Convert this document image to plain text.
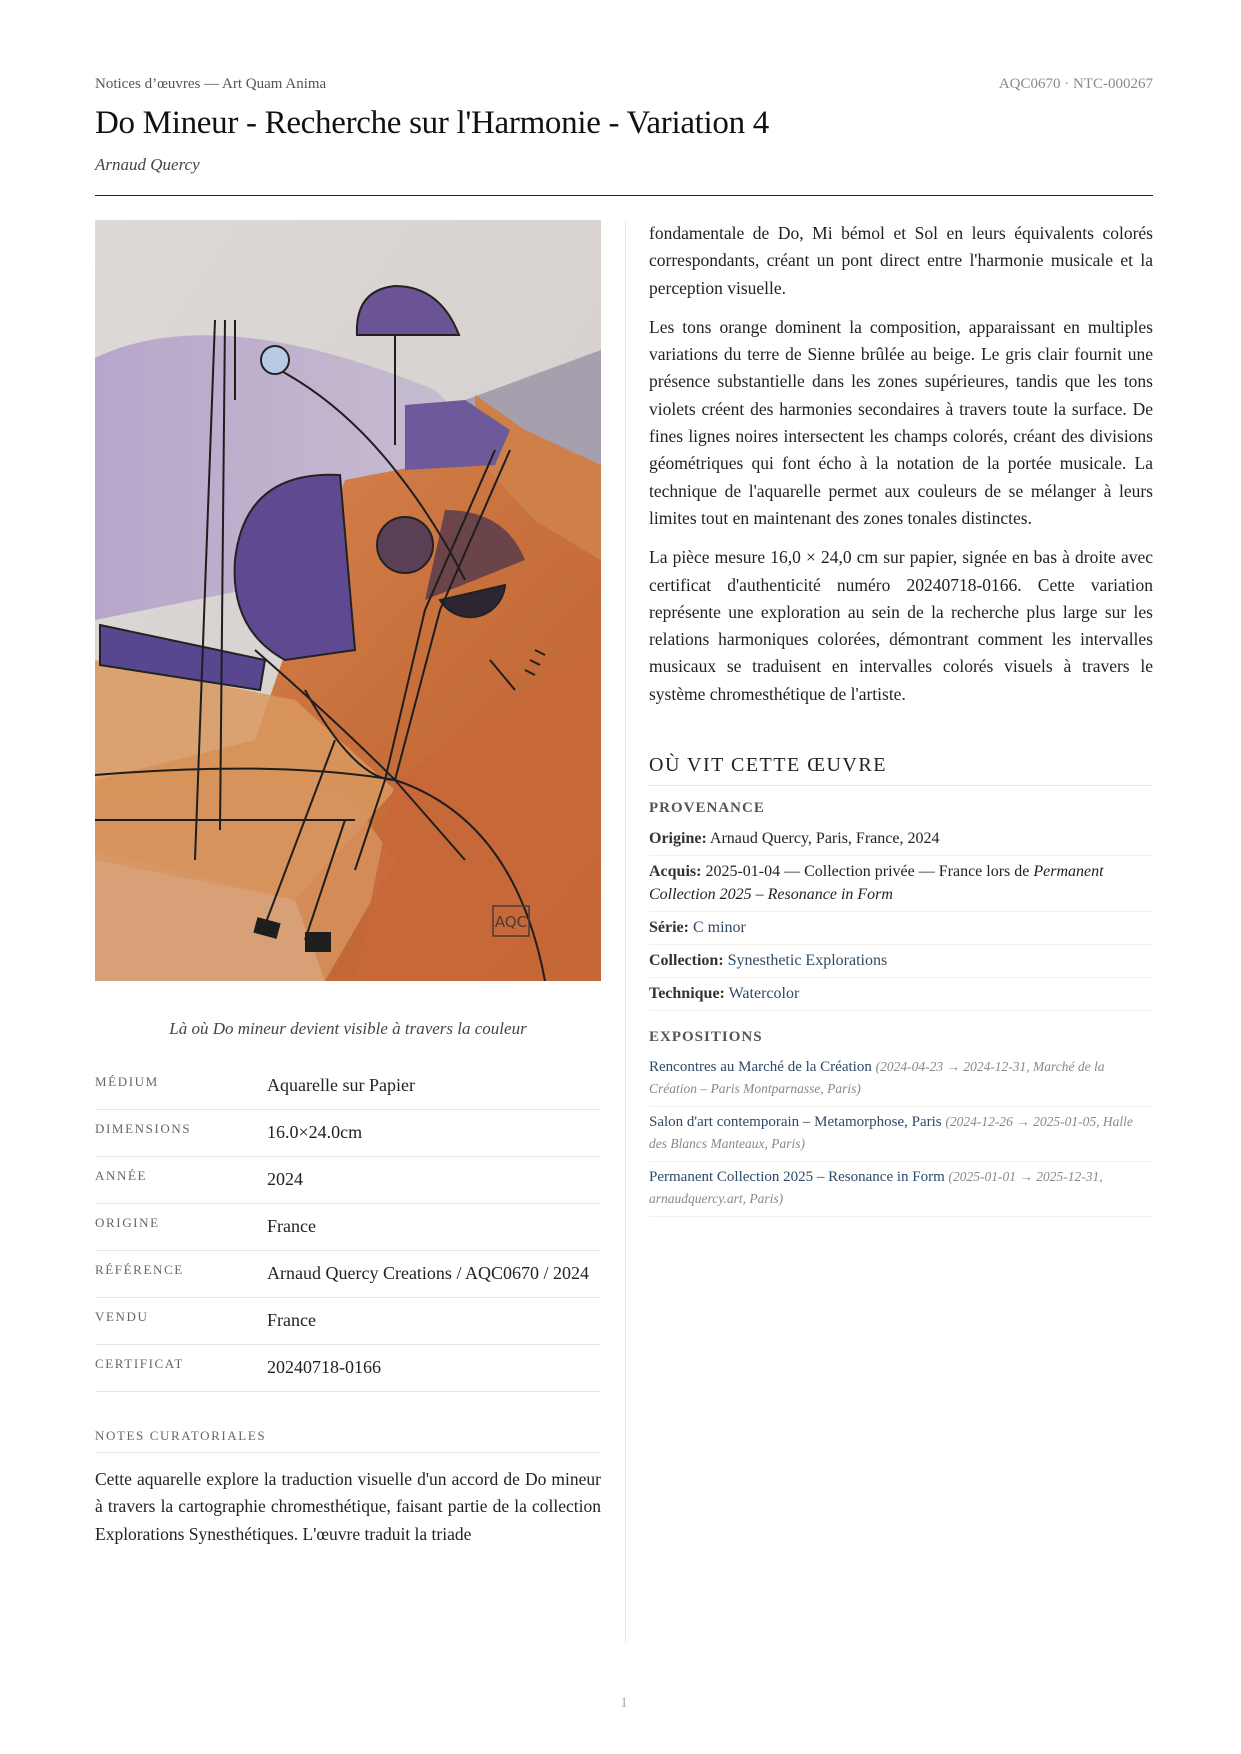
Notices d’œuvres — Art Quam Anima	AQC0670 · NTC-000267
Do Mineur - Recherche sur l'Harmonie - Variation 4
Arnaud Quercy
AQC
Là où Do mineur devient visible à travers la couleur
MÉDIUM	Aquarelle sur Papier
DIMENSIONS	16.0×24.0cm
ANNÉE	2024
ORIGINE	France
RÉFÉRENCE	Arnaud Quercy Creations / AQC0670 / 2024
VENDU	France
CERTIFICAT	20240718-0166
NOTES CURATORIALES

Cette aquarelle explore la traduction visuelle d'un accord de Do mineur à travers la cartographie chromesthétique, faisant partie de la collection Explorations Synesthétiques. L'œuvre traduit la triade

fondamentale de Do, Mi bémol et Sol en leurs équivalents colorés correspondants, créant un pont direct entre l'harmonie musicale et la perception visuelle.

Les tons orange dominent la composition, apparaissant en multiples variations du terre de Sienne brûlée au beige. Le gris clair fournit une présence substantielle dans les zones supérieures, tandis que les tons violets créent des harmonies secondaires à travers toute la surface. De fines lignes noires intersectent les champs colorés, créant des divisions géométriques qui font écho à la notation de la portée musicale. La technique de l'aquarelle permet aux couleurs de se mélanger à leurs limites tout en maintenant des zones tonales distinctes.

La pièce mesure 16,0 × 24,0 cm sur papier, signée en bas à droite avec certificat d'authenticité numéro 20240718-0166. Cette variation représente une exploration au sein de la recherche plus large sur les relations harmoniques colorées, démontrant comment les intervalles musicaux se traduisent en intervalles colorés visuels à travers le système chromesthétique de l'artiste.

OÙ VIT CETTE ŒUVRE
PROVENANCE
Origine: Arnaud Quercy, Paris, France, 2024
Acquis: 2025-01-04 — Collection privée — France lors de Permanent Collection 2025 – Resonance in Form
Série: C minor
Collection: Synesthetic Explorations
Technique: Watercolor
EXPOSITIONS
Rencontres au Marché de la Création (2024-04-23 → 2024-12-31, Marché de la Création – Paris Montparnasse, Paris)
Salon d'art contemporain – Metamorphose, Paris (2024-12-26 → 2025-01-05, Halle des Blancs Manteaux, Paris)
Permanent Collection 2025 – Resonance in Form (2025-01-01 → 2025-12-31, arnaudquercy.art, Paris)
1
